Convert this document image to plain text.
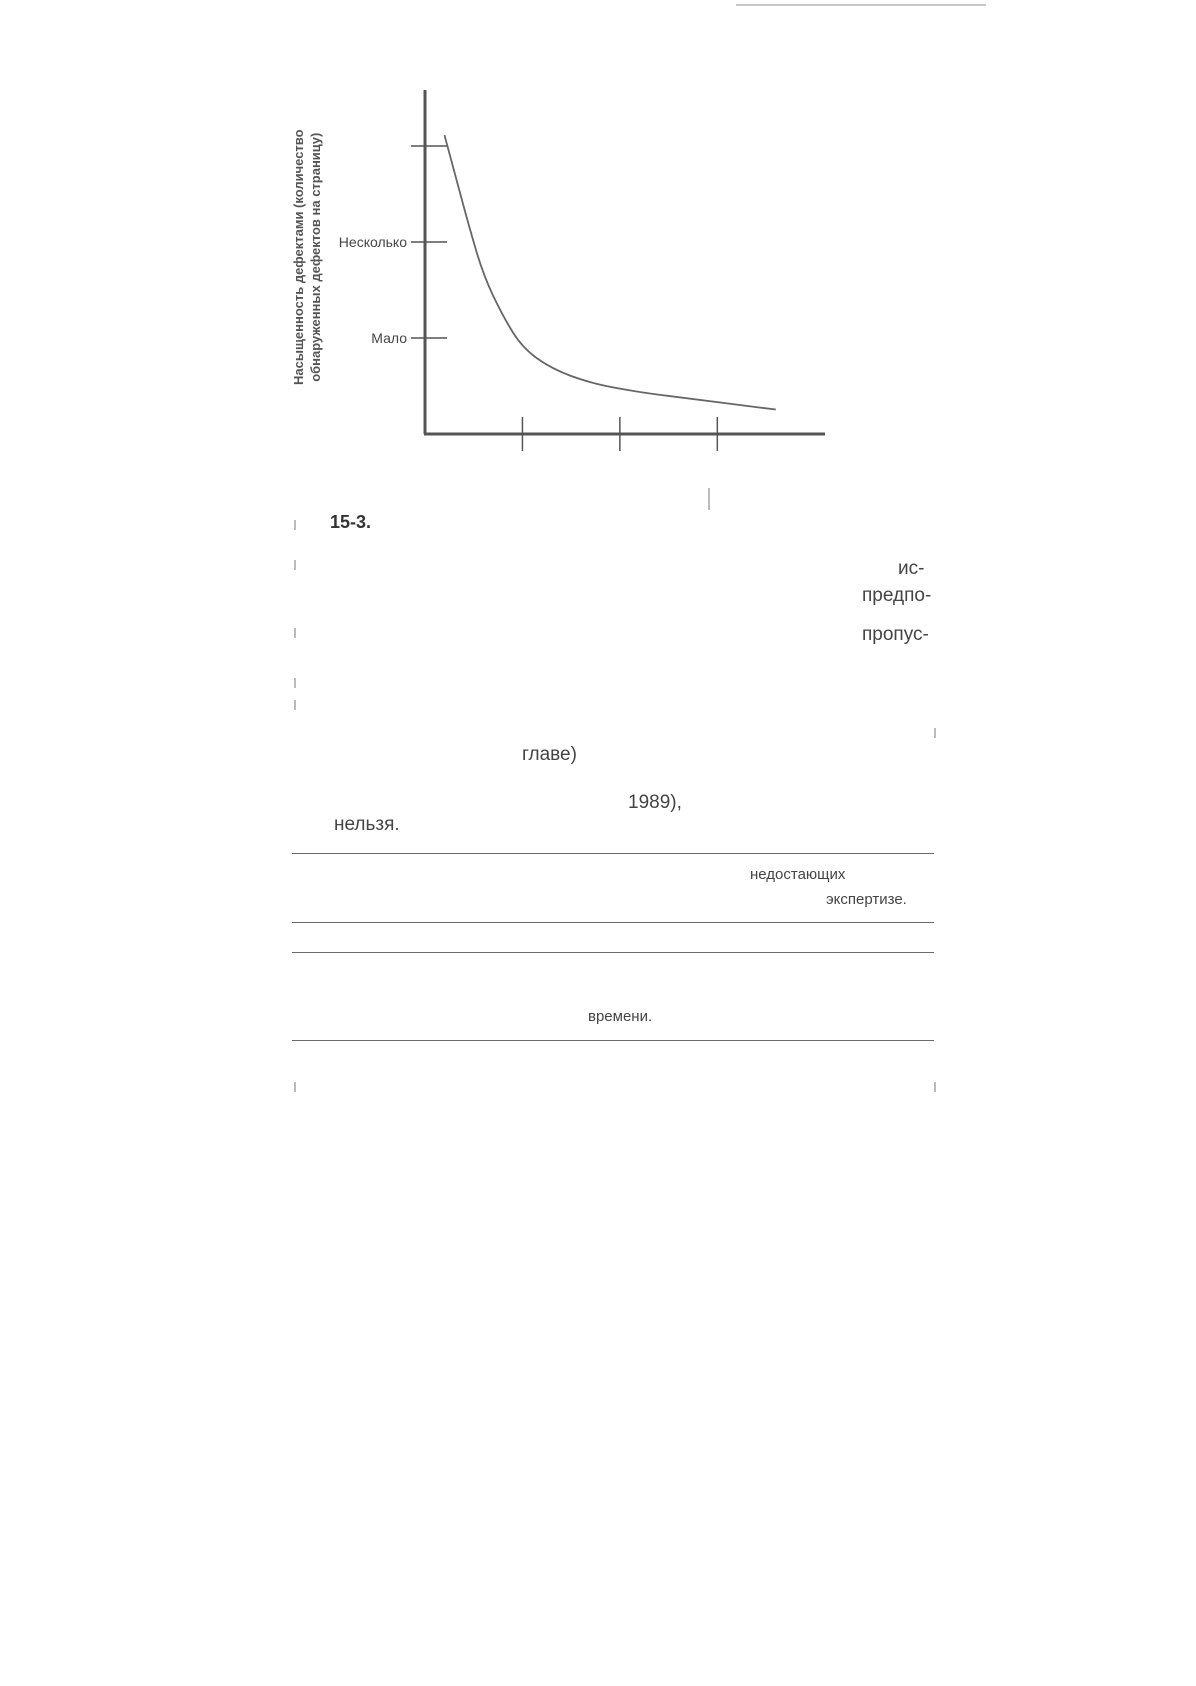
Несколько
Мало
Насыщенность дефектами (количество обнаруженных дефектов на страницу)
15-3.
ис-
предпо-
пропус-
главе)
1989),
нельзя.
недостающих
экспертизе.
времени.
